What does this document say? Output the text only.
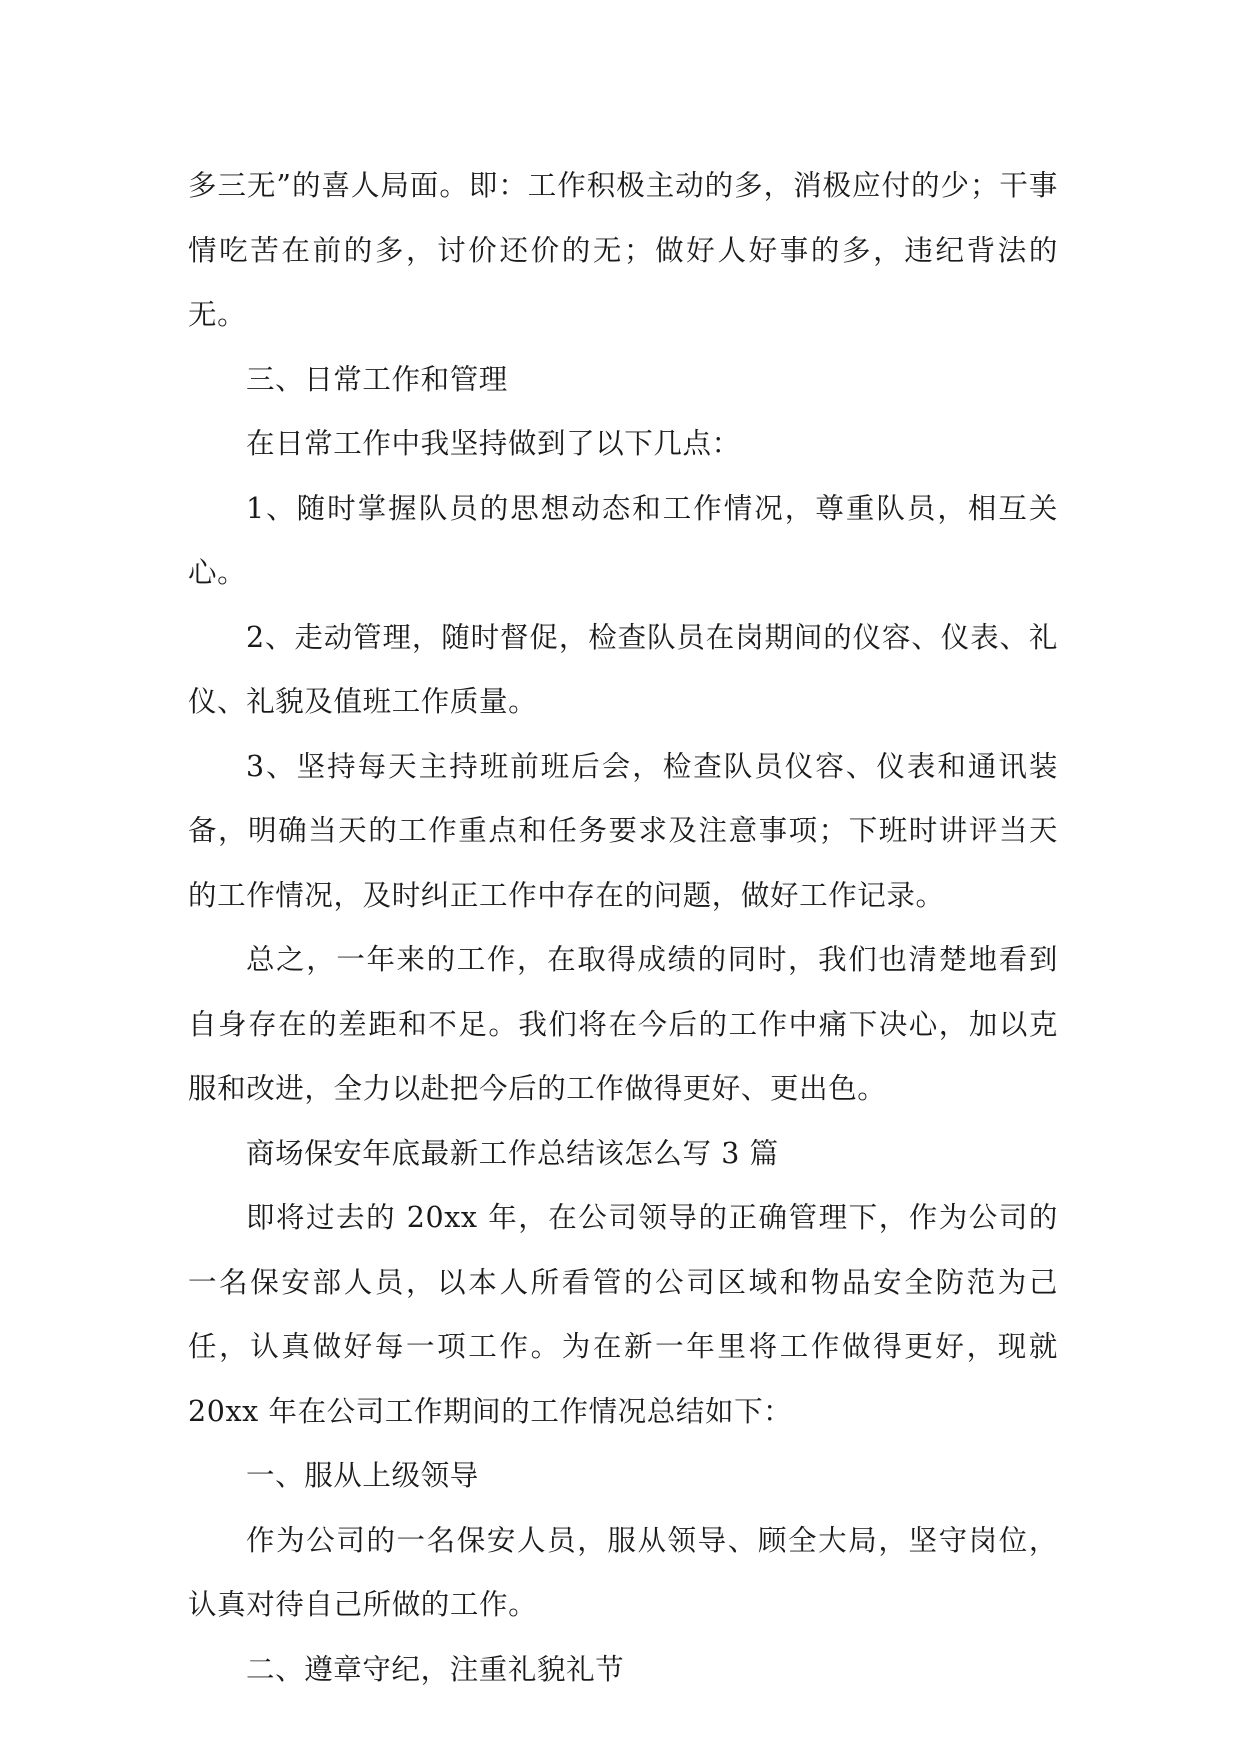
多三无”的喜人局面。即：工作积极主动的多，消极应付的少；干事情吃苦在前的多，讨价还价的无；做好人好事的多，违纪背法的无。

三、日常工作和管理

在日常工作中我坚持做到了以下几点：

1、随时掌握队员的思想动态和工作情况，尊重队员，相互关心。

2、走动管理，随时督促，检查队员在岗期间的仪容、仪表、礼仪、礼貌及值班工作质量。

3、坚持每天主持班前班后会，检查队员仪容、仪表和通讯装备，明确当天的工作重点和任务要求及注意事项；下班时讲评当天的工作情况，及时纠正工作中存在的问题，做好工作记录。

总之，一年来的工作，在取得成绩的同时，我们也清楚地看到自身存在的差距和不足。我们将在今后的工作中痛下决心，加以克服和改进，全力以赴把今后的工作做得更好、更出色。

商场保安年底最新工作总结该怎么写 3 篇

即将过去的 20xx 年，在公司领导的正确管理下，作为公司的一名保安部人员，以本人所看管的公司区域和物品安全防范为己任，认真做好每一项工作。为在新一年里将工作做得更好，现就 20xx 年在公司工作期间的工作情况总结如下：

一、服从上级领导

作为公司的一名保安人员，服从领导、顾全大局，坚守岗位，认真对待自己所做的工作。

二、遵章守纪，注重礼貌礼节
